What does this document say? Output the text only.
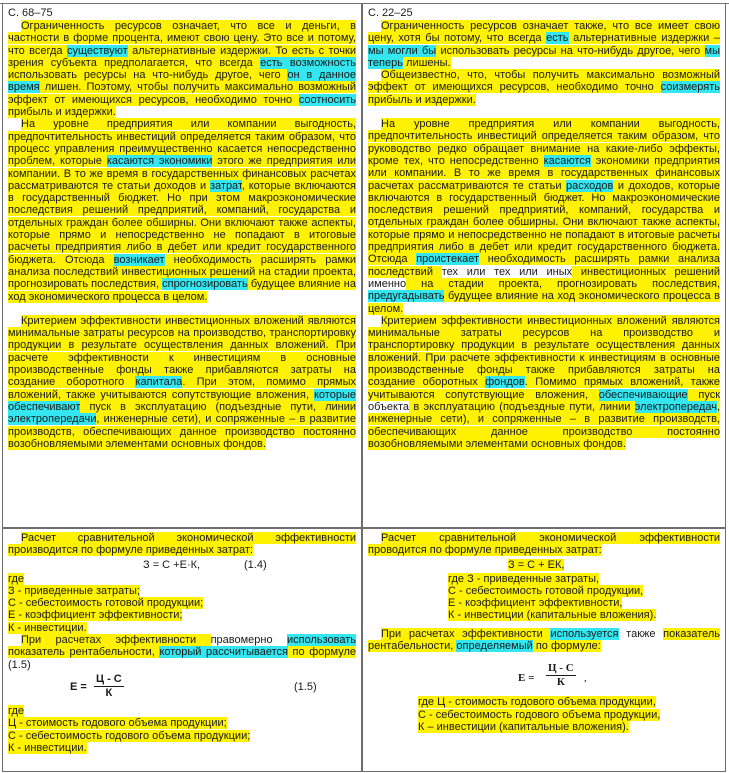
С. 68–75

Ограниченность ресурсов означает, что все и деньги, в частности в форме процента, имеют свою цену. Это все и потому, что всегда существуют альтернативные издержки. То есть с точки зрения субъекта предполагается, что всегда есть возможность использовать ресурсы на что-нибудь другое, чего он в данное время лишен. Поэтому, чтобы получить максимально возможный эффект от имеющихся ресурсов, необходимо точно соотносить прибыль и издержки.

На уровне предприятия или компании выгодность, предпочтительность инвестиций определяется таким образом, что процесс управления преимущественно касается непосредственно проблем, которые касаются экономики этого же предприятия или компании. В то же время в государственных финансовых расчетах рассматриваются те статьи доходов и затрат, которые включаются в государственный бюджет. Но при этом макроэкономические последствия решений предприятий, компаний, государства и отдельных граждан более обширны. Они включают также аспекты, которые прямо и непосредственно не попадают в итоговые расчеты предприятия либо в дебет или кредит государственного бюджета. Отсюда возникает необходимость расширять рамки анализа последствий инвестиционных решений на стадии проекта, прогнозировать последствия, спрогнозировать будущее влияние на ход экономического процесса в целом.

Критерием эффективности инвестиционных вложений являются минимальные затраты ресурсов на производство, транспортировку продукции в результате осуществления данных вложений. При расчете эффективности к инвестициям в основные производственные фонды также прибавляются затраты на создание оборотного капитала. При этом, помимо прямых вложений, также учитываются сопутствующие вложения, которые обеспечивают пуск в эксплуатацию (подъездные пути, линии электропередачи, инженерные сети), и сопряженные – в развитие производств, обеспечивающих данное производство постоянно возобновляемыми элементами основных фондов.

С. 22–25

Ограниченность ресурсов означает также, что все имеет свою цену, хотя бы потому, что всегда есть альтернативные издержки – мы могли бы использовать ресурсы на что-нибудь другое, чего мы теперь лишены.

Общеизвестно, что, чтобы получить максимально возможный эффект от имеющихся ресурсов, необходимо точно соизмерять прибыль и издержки.

На уровне предприятия или компании выгодность, предпочтительность инвестиций определяется таким образом, что руководство редко обращает внимание на какие-либо эффекты, кроме тех, что непосредственно касаются экономики предприятия или компании. В то же время в государственных финансовых расчетах рассматриваются те статьи расходов и доходов, которые включаются в государственный бюджет. Но макроэкономические последствия решений предприятий, компаний, государства и отдельных граждан более обширны. Они включают также аспекты, которые прямо и непосредственно не попадают в итоговые расчеты предприятия либо в дебет или кредит государственного бюджета. Отсюда проистекает необходимость расширять рамки анализа последствий тех или тех или иных инвестиционных решений именно на стадии проекта, прогнозировать последствия, предугадывать будущее влияние на ход экономического процесса в целом.

Критерием эффективности инвестиционных вложений являются минимальные затраты ресурсов на производство и транспортировку продукции в результате осуществления данных вложений. При расчете эффективности к инвестициям в основные производственные фонды также прибавляются затраты на создание оборотных фондов. Помимо прямых вложений, также учитываются сопутствующие вложения, обеспечивающие пуск объекта в эксплуатацию (подъездные пути, линии электропередач, инженерные сети), и сопряженные – в развитие производств, обеспечивающих данное производство постоянно возобновляемыми элементами основных фондов.

Расчет сравнительной экономической эффективности производится по формуле приведенных затрат:

З = С +Е·К,	(1.4)

где

З - приведенные затраты;

С - себестоимость готовой продукции;

Е - коэффициент эффективности;

К - инвестиции.

При расчетах эффективности правомерно использовать показатель рентабельности, который рассчитывается по формуле (1.5)

Е =
Ц - С
К	(1.5)

где

Ц - стоимость годового объема продукции;

С - себестоимость годового объема продукции;

К - инвестиции.

Расчет сравнительной экономической эффективности проводится по формуле приведенных затрат:

З = С + ЕК,

где З - приведенные затраты,

С - себестоимость готовой продукции,

Е - коэффициент эффективности,

К - инвестиции (капитальные вложения).

При расчетах эффективности используется также показатель рентабельности, определяемый по формуле:

Е =
Ц - С
К ,

где Ц - стоимость годового объема продукции,

С - себестоимость годового объема продукции,

К – инвестиции (капитальные вложения).
